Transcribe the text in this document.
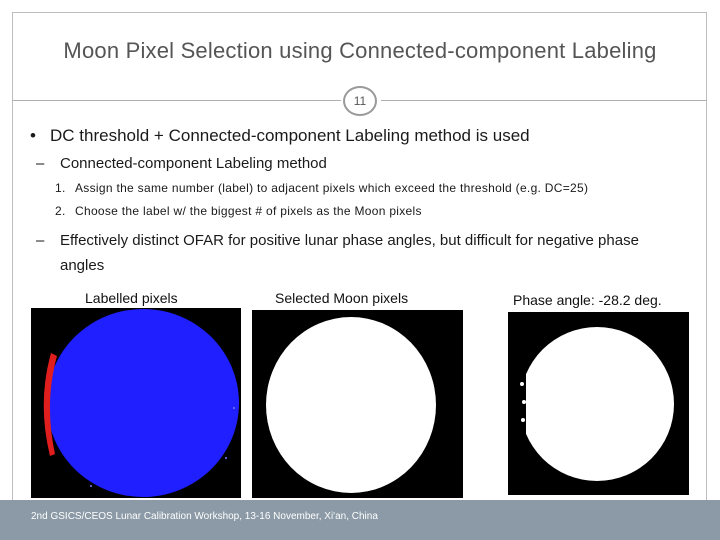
Moon Pixel Selection using Connected-component Labeling
11
• DC threshold + Connected-component Labeling method is used
– Connected-component Labeling method
1. Assign the same number (label) to adjacent pixels which exceed the threshold (e.g. DC=25)
2. Choose the label w/ the biggest # of pixels as the Moon pixels
– Effectively distinct OFAR for positive lunar phase angles, but difficult for negative phase angles
Labelled pixels	Selected Moon pixels	Phase angle: -28.2 deg.
2nd GSICS/CEOS Lunar Calibration Workshop, 13-16 November, Xi'an, China
